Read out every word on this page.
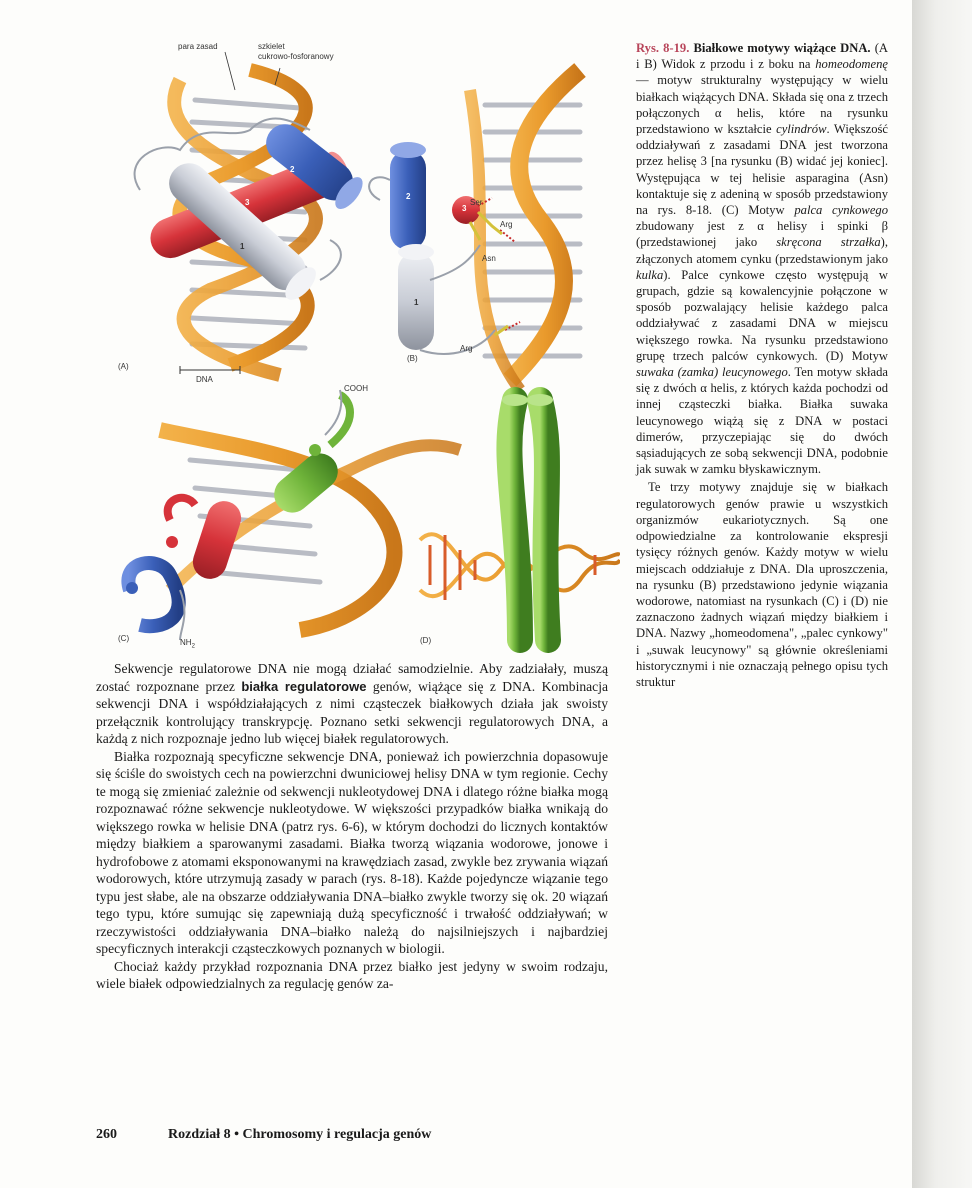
para zasad	szkielet
cukrowo-fosforanowy
DNA
Ser
Arg
Asn
Arg
COOH
$NH_2$
3
2
1
2
1
3
(A)
(B)
(C)	(D)

Rys. 8-19. Białkowe motywy wiążące DNA. (A i B) Widok z przodu i z boku na homeodomenę — motyw strukturalny występujący w wielu białkach wiążących DNA. Składa się ona z trzech połączonych α helis, które na rysunku przedstawiono w kształcie cylindrów. Większość oddziaływań z zasadami DNA jest tworzona przez helisę 3 [na rysunku (B) widać jej koniec]. Występująca w tej helisie asparagina (Asn) kontaktuje się z adeniną w sposób przedstawiony na rys. 8-18. (C) Motyw palca cynkowego zbudowany jest z α helisy i spinki β (przedstawionej jako skręcona strzałka), złączonych atomem cynku (przedstawionym jako kulka). Palce cynkowe często występują w grupach, gdzie są kowalencyjnie połączone w sposób pozwalający helisie każdego palca oddziaływać z zasadami DNA w miejscu większego rowka. Na rysunku przedstawiono grupę trzech palców cynkowych. (D) Motyw suwaka (zamka) leucynowego. Ten motyw składa się z dwóch α helis, z których każda pochodzi od innej cząsteczki białka. Białka suwaka leucynowego wiążą się z DNA w postaci dimerów, przyczepiając się do dwóch sąsiadujących ze sobą sekwencji DNA, podobnie jak suwak w zamku błyskawicznym.

Te trzy motywy znajduje się w białkach regulatorowych genów prawie u wszystkich organizmów eukariotycznych. Są one odpowiedzialne za kontrolowanie ekspresji tysięcy różnych genów. Każdy motyw w wielu miejscach oddziałuje z DNA. Dla uproszczenia, na rysunku (B) przedstawiono jedynie wiązania wodorowe, natomiast na rysunkach (C) i (D) nie zaznaczono żadnych wiązań między białkiem i DNA. Nazwy „homeodomena", „palec cynkowy" i „suwak leucynowy" są głównie określeniami historycznymi i nie oznaczają pełnego opisu tych struktur

Sekwencje regulatorowe DNA nie mogą działać samodzielnie. Aby zadziałały, muszą zostać rozpoznane przez białka regulatorowe genów, wiążące się z DNA. Kombinacja sekwencji DNA i współdziałających z nimi cząsteczek białkowych działa jak swoisty przełącznik kontrolujący transkrypcję. Poznano setki sekwencji regulatorowych DNA, a każdą z nich rozpoznaje jedno lub więcej białek regulatorowych.

Białka rozpoznają specyficzne sekwencje DNA, ponieważ ich powierzchnia dopasowuje się ściśle do swoistych cech na powierzchni dwuniciowej helisy DNA w tym regionie. Cechy te mogą się zmieniać zależnie od sekwencji nukleotydowej DNA i dlatego różne białka mogą rozpoznawać różne sekwencje nukleotydowe. W większości przypadków białka wnikają do większego rowka w helisie DNA (patrz rys. 6-6), w którym dochodzi do licznych kontaktów między białkiem a sparowanymi zasadami. Białka tworzą wiązania wodorowe, jonowe i hydrofobowe z atomami eksponowanymi na krawędziach zasad, zwykle bez zrywania wiązań wodorowych, które utrzymują zasady w parach (rys. 8-18). Każde pojedyncze wiązanie tego typu jest słabe, ale na obszarze oddziaływania DNA–białko zwykle tworzy się ok. 20 wiązań tego typu, które sumując się zapewniają dużą specyficzność i trwałość oddziaływań; w rzeczywistości oddziaływania DNA–białko należą do najsilniejszych i najbardziej specyficznych interakcji cząsteczkowych poznanych w biologii.

Chociaż każdy przykład rozpoznania DNA przez białko jest jedyny w swoim rodzaju, wiele białek odpowiedzialnych za regulację genów za-

260	Rozdział 8 • Chromosomy i regulacja genów
